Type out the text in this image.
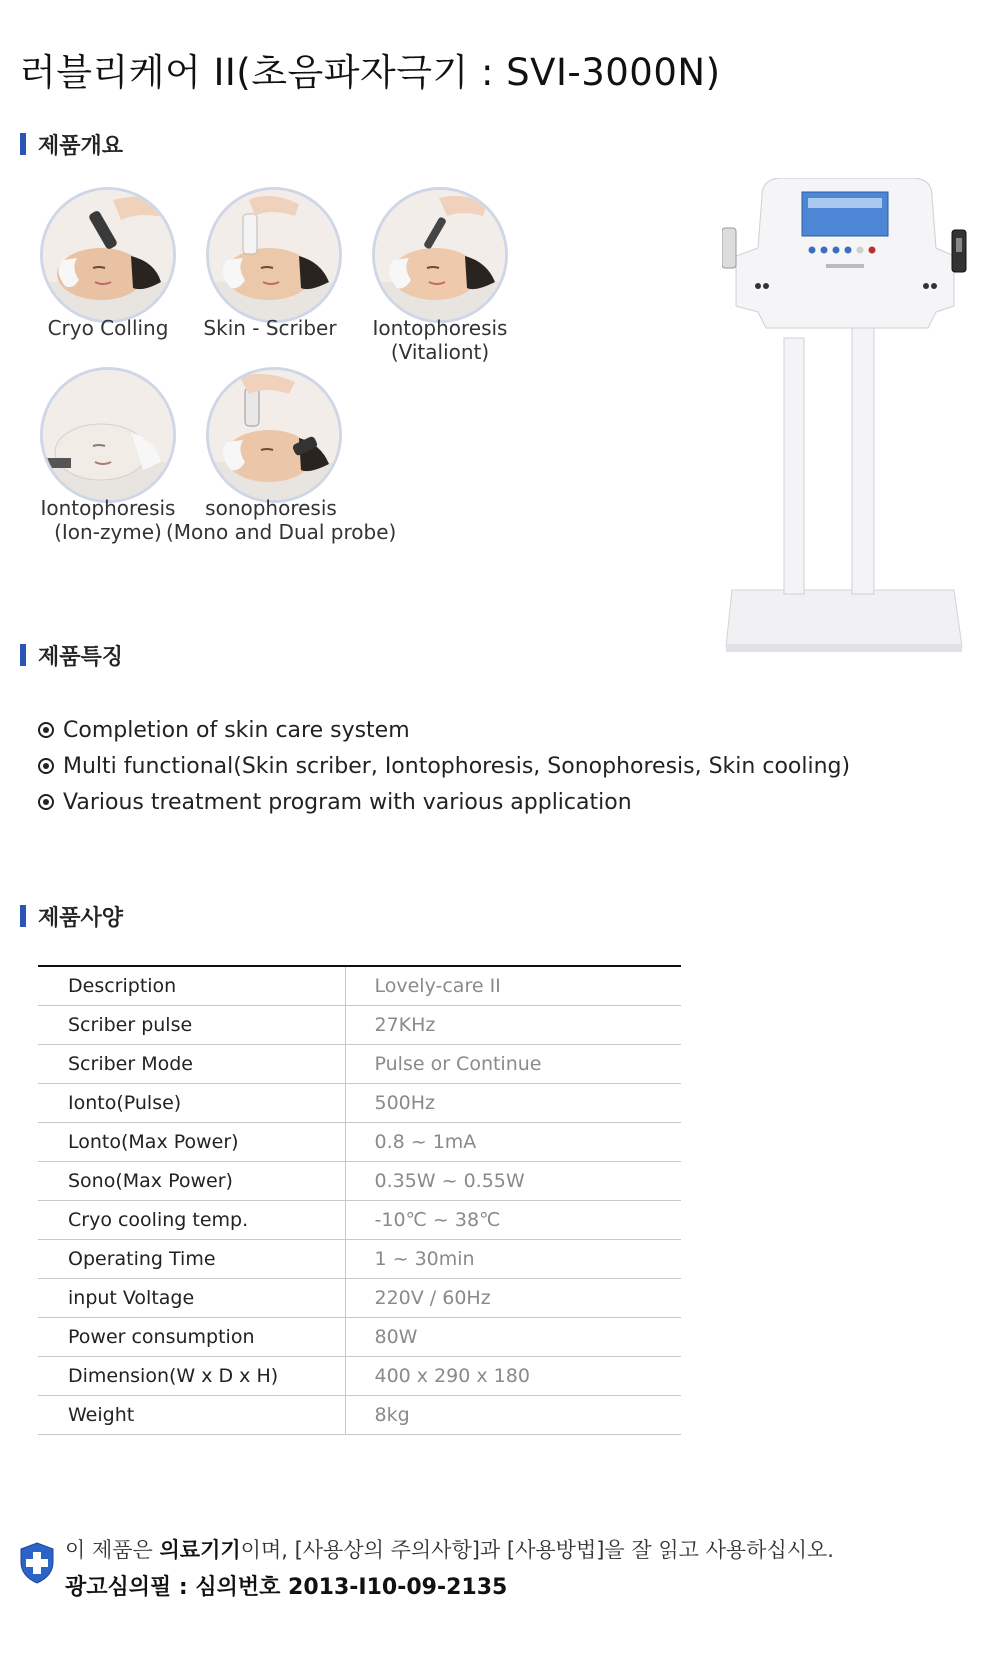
러블리케어 II(초음파자극기 : SVI-3000N)
제품개요
Cryo Colling	Skin - Scriber	Iontophoresis
(Vitaliont)
Iontophoresis
(Ion-zyme)
sonophoresis
(Mono and Dual probe)
제품특징
Completion of skin care system
Multi functional(Skin scriber, Iontophoresis, Sonophoresis, Skin cooling)
Various treatment program with various application
제품사양
Description	Lovely-care II
Scriber pulse	27KHz
Scriber Mode	Pulse or Continue
Ionto(Pulse)	500Hz
Lonto(Max Power)	0.8 ~ 1mA
Sono(Max Power)	0.35W ~ 0.55W
Cryo cooling temp.	-10℃ ~ 38℃
Operating Time	1 ~ 30min
input Voltage	220V / 60Hz
Power consumption	80W
Dimension(W x D x H)	400 x 290 x 180
Weight	8kg
이 제품은 의료기기이며, [사용상의 주의사항]과 [사용방법]을 잘 읽고 사용하십시오.
광고심의필 : 심의번호 2013-I10-09-2135
